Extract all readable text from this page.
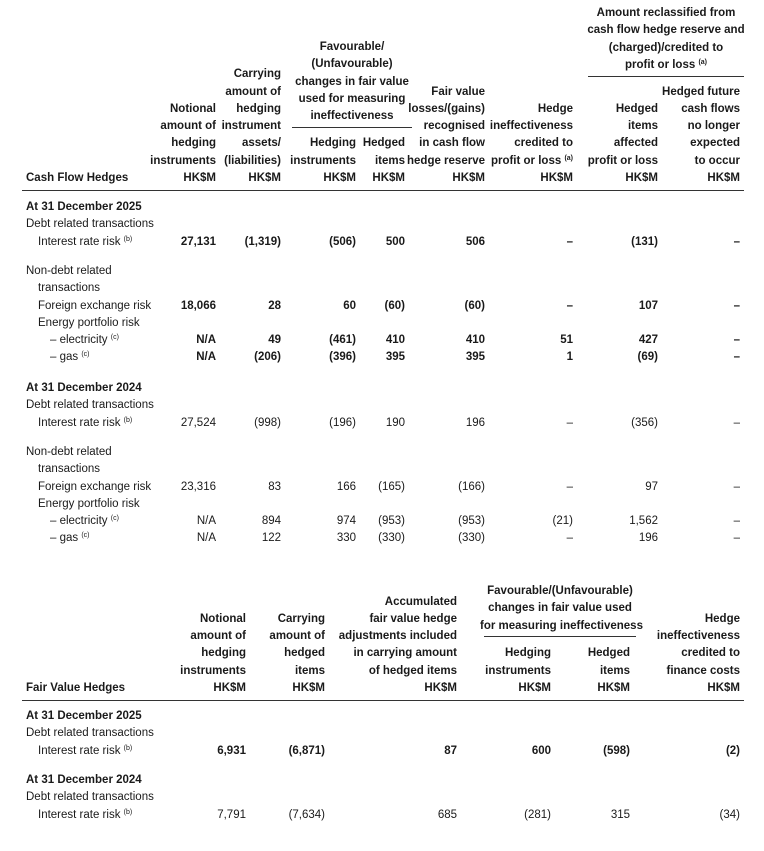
Cash Flow Hedges
Notional
amount of
hedging
instruments
HK$M
Carrying
amount of
hedging
instrument
assets/
(liabilities)
HK$M
Favourable/
(Unfavourable)
changes in fair value
used for measuring
ineffectiveness
Hedging
instruments
HK$M
Hedged
items
HK$M
Fair value
losses/(gains)
recognised
in cash flow
hedge reserve
HK$M
Hedge
ineffectiveness
credited to
profit or loss $^{(a)}$
HK$M
Amount reclassified from
cash flow hedge reserve and
(charged)/credited to
profit or loss $^{(a)}$
Hedged
items
affected
profit or loss
HK$M
Hedged future
cash flows
no longer
expected
to occur
HK$M
At 31 December 2025
Debt related transactions
Interest rate risk $^{(b)}$	27,131	(1,319)	(506)	500	506	–	(131)	–
Non-debt related
transactions
Foreign exchange risk	18,066	28	60	(60)	(60)	–	107	–
Energy portfolio risk
– electricity $^{(c)}$	N/A	49	(461)	410	410	51	427	–
– gas $^{(c)}$	N/A	(206)	(396)	395	395	1	(69)	–
At 31 December 2024
Debt related transactions
Interest rate risk $^{(b)}$	27,524	(998)	(196)	190	196	–	(356)	–
Non-debt related
transactions
Foreign exchange risk	23,316	83	166	(165)	(166)	–	97	–
Energy portfolio risk
– electricity $^{(c)}$	N/A	894	974	(953)	(953)	(21)	1,562	–
– gas $^{(c)}$	N/A	122	330	(330)	(330)	–	196	–
Fair Value Hedges
Notional
amount of
hedging
instruments
HK$M
Carrying
amount of
hedged
items
HK$M
Accumulated
fair value hedge
adjustments included
in carrying amount
of hedged items
HK$M
Favourable/(Unfavourable)
changes in fair value used
for measuring ineffectiveness
Hedging
instruments
HK$M
Hedged
items
HK$M
Hedge
ineffectiveness
credited to
finance costs
HK$M
At 31 December 2025
Debt related transactions
Interest rate risk $^{(b)}$	6,931	(6,871)	87	600	(598)	(2)
At 31 December 2024
Debt related transactions
Interest rate risk $^{(b)}$	7,791	(7,634)	685	(281)	315	(34)
